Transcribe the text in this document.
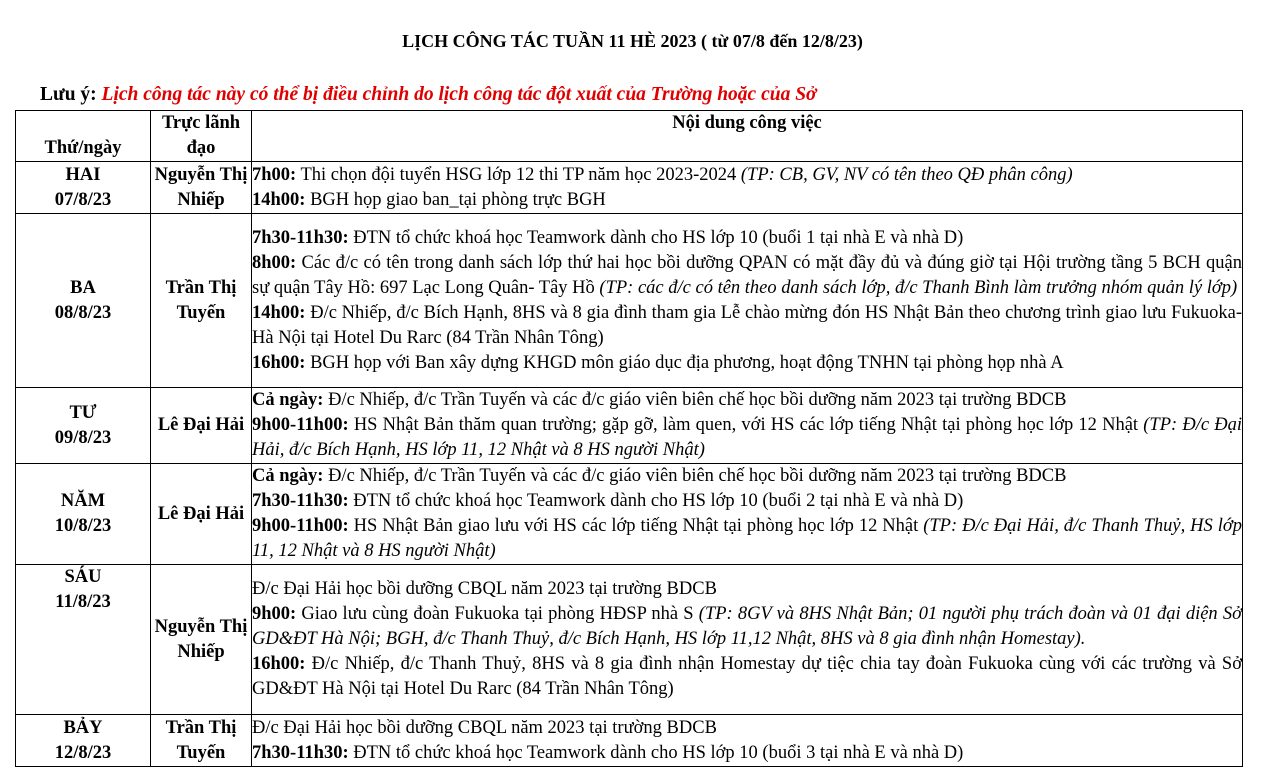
LỊCH CÔNG TÁC TUẦN 11 HÈ 2023 ( từ 07/8 đến 12/8/23)
Lưu ý: Lịch công tác này có thể bị điều chỉnh do lịch công tác đột xuất của Trường hoặc của Sở
Thứ/ngày	Trực lãnh đạo	Nội dung công việc

HAI
07/8/23	Nguyễn Thị Nhiếp	7h00: Thi chọn đội tuyển HSG lớp 12 thi TP năm học 2023-2024 (TP: CB, GV, NV có tên theo QĐ phân công)
14h00: BGH họp giao ban_tại phòng trực BGH

BA
08/8/23	Trần Thị Tuyến	7h30-11h30: ĐTN tổ chức khoá học Teamwork dành cho HS lớp 10 (buổi 1 tại nhà E và nhà D)
8h00: Các đ/c có tên trong danh sách lớp thứ hai học bồi dưỡng QPAN có mặt đầy đủ và đúng giờ tại Hội trường tầng 5 BCH quận sự quận Tây Hồ: 697 Lạc Long Quân- Tây Hồ (TP: các đ/c có tên theo danh sách lớp, đ/c Thanh Bình làm trưởng nhóm quản lý lớp)
14h00: Đ/c Nhiếp, đ/c Bích Hạnh, 8HS và 8 gia đình tham gia Lễ chào mừng đón HS Nhật Bản theo chương trình giao lưu Fukuoka- Hà Nội tại Hotel Du Rarc (84 Trần Nhân Tông)
16h00: BGH họp với Ban xây dựng KHGD môn giáo dục địa phương, hoạt động TNHN tại phòng họp nhà A

TƯ
09/8/23	Lê Đại Hải	Cả ngày: Đ/c Nhiếp, đ/c Trần Tuyến và các đ/c giáo viên biên chế học bồi dưỡng năm 2023 tại trường BDCB
9h00-11h00: HS Nhật Bản thăm quan trường; gặp gỡ, làm quen, với HS các lớp tiếng Nhật tại phòng học lớp 12 Nhật (TP: Đ/c Đại Hải, đ/c Bích Hạnh, HS lớp 11, 12 Nhật và 8 HS người Nhật)

NĂM
10/8/23	Lê Đại Hải	Cả ngày: Đ/c Nhiếp, đ/c Trần Tuyến và các đ/c giáo viên biên chế học bồi dưỡng năm 2023 tại trường BDCB
7h30-11h30: ĐTN tổ chức khoá học Teamwork dành cho HS lớp 10 (buổi 2 tại nhà E và nhà D)
9h00-11h00: HS Nhật Bản giao lưu với HS các lớp tiếng Nhật tại phòng học lớp 12 Nhật (TP: Đ/c Đại Hải, đ/c Thanh Thuỷ, HS lớp 11, 12 Nhật và 8 HS người Nhật)

SÁU
11/8/23	Nguyễn Thị Nhiếp	Đ/c Đại Hải học bồi dưỡng CBQL năm 2023 tại trường BDCB
9h00: Giao lưu cùng đoàn Fukuoka tại phòng HĐSP nhà S (TP: 8GV và 8HS Nhật Bản; 01 người phụ trách đoàn và 01 đại diện Sở GD&ĐT Hà Nội; BGH, đ/c Thanh Thuỷ, đ/c Bích Hạnh, HS lớp 11,12 Nhật, 8HS và 8 gia đình nhận Homestay).
16h00: Đ/c Nhiếp, đ/c Thanh Thuỷ, 8HS và 8 gia đình nhận Homestay dự tiệc chia tay đoàn Fukuoka cùng với các trường và Sở GD&ĐT Hà Nội tại Hotel Du Rarc (84 Trần Nhân Tông)

BẢY
12/8/23	Trần Thị Tuyến	Đ/c Đại Hải học bồi dưỡng CBQL năm 2023 tại trường BDCB
7h30-11h30: ĐTN tổ chức khoá học Teamwork dành cho HS lớp 10 (buổi 3 tại nhà E và nhà D)
